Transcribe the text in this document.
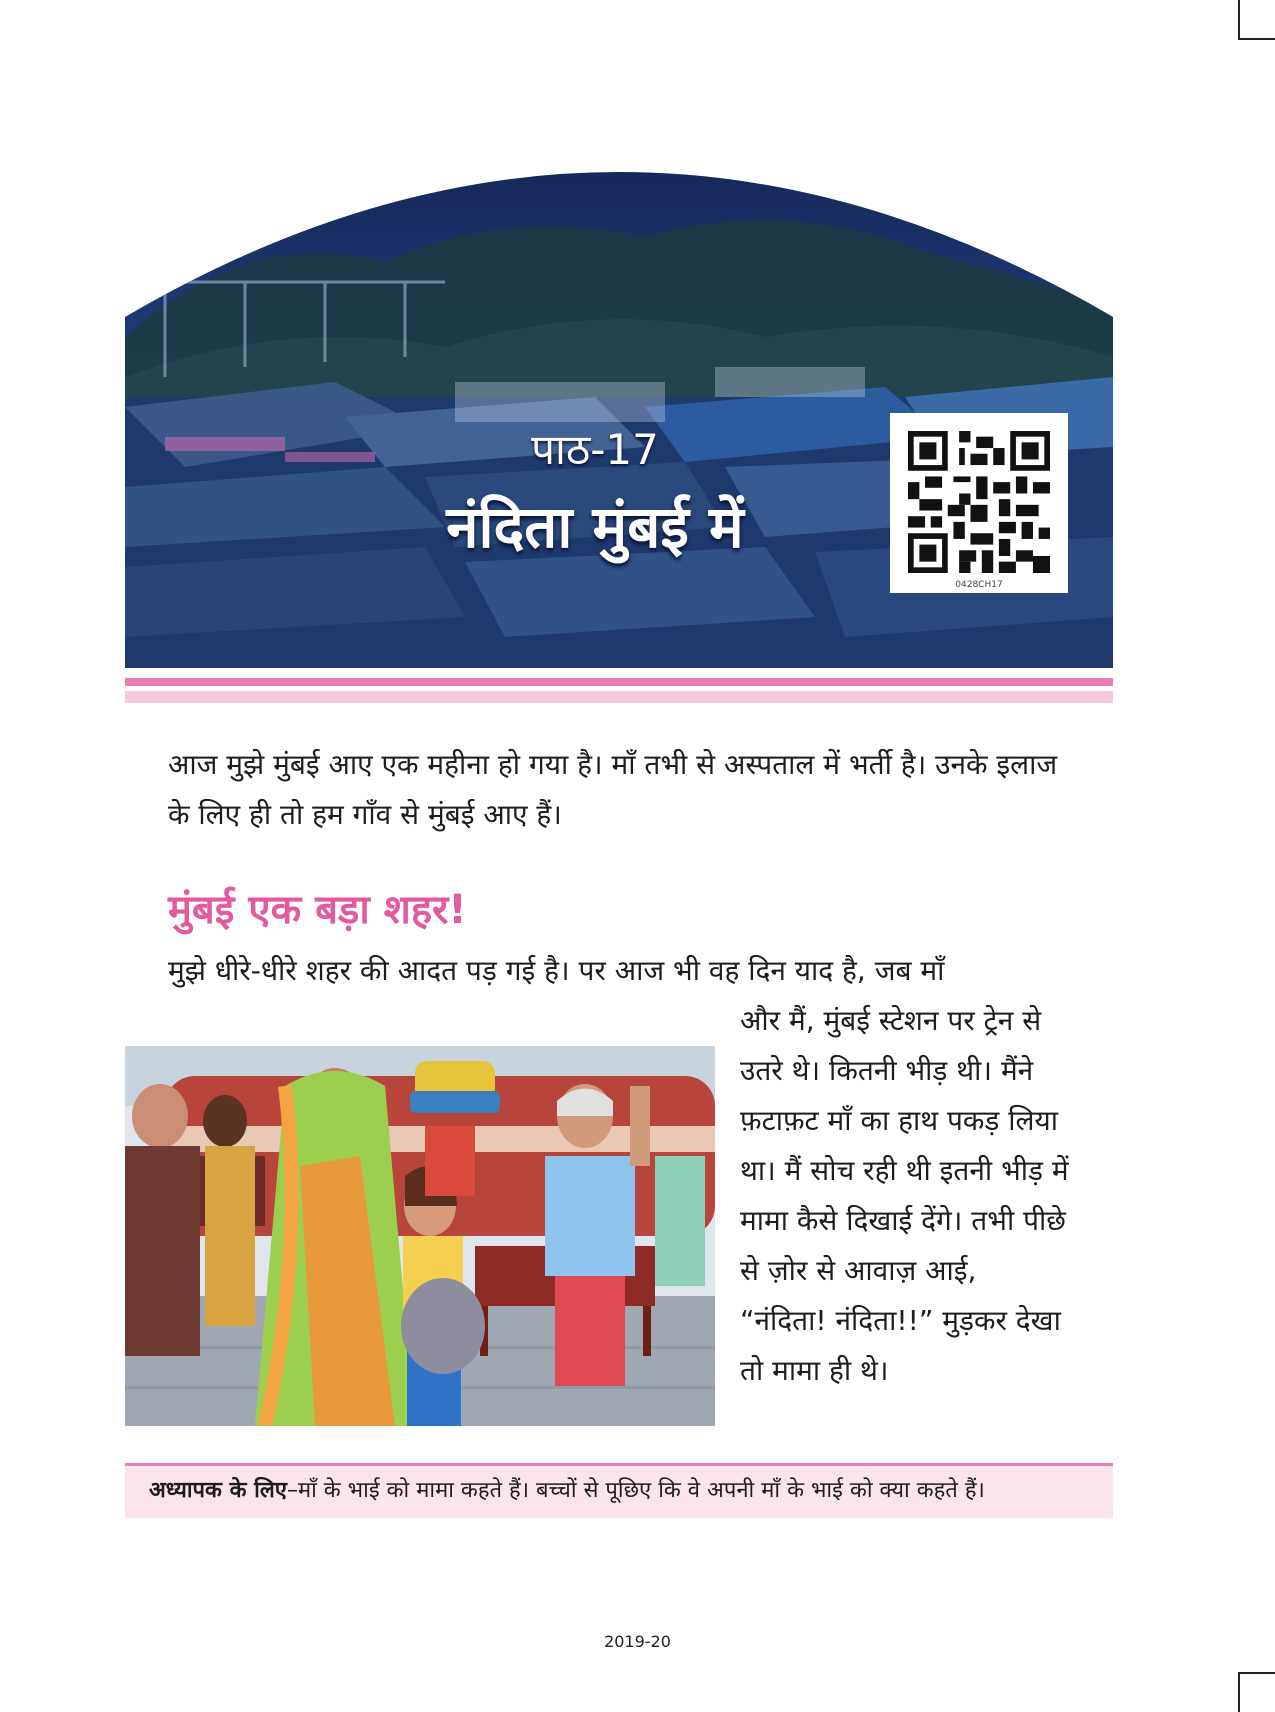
पाठ-17
नंदिता मुंबई में
0428CH17

आज मुझे मुंबई आए एक महीना हो गया है। माँ तभी से अस्पताल में भर्ती है। उनके इलाज के लिए ही तो हम गाँव से मुंबई आए हैं।

मुंबई एक बड़ा शहर!

मुझे धीरे-धीरे शहर की आदत पड़ गई है। पर आज भी वह दिन याद है, जब माँ

और मैं, मुंबई स्टेशन पर ट्रेन से उतरे थे। कितनी भीड़ थी। मैंने फ़टाफ़ट माँ का हाथ पकड़ लिया था। मैं सोच रही थी इतनी भीड़ में मामा कैसे दिखाई देंगे। तभी पीछे से ज़ोर से आवाज़ आई, “नंदिता! नंदिता!!” मुड़कर देखा तो मामा ही थे।

अध्यापक के लिए–माँ के भाई को मामा कहते हैं। बच्चों से पूछिए कि वे अपनी माँ के भाई को क्या कहते हैं।
2019-20
